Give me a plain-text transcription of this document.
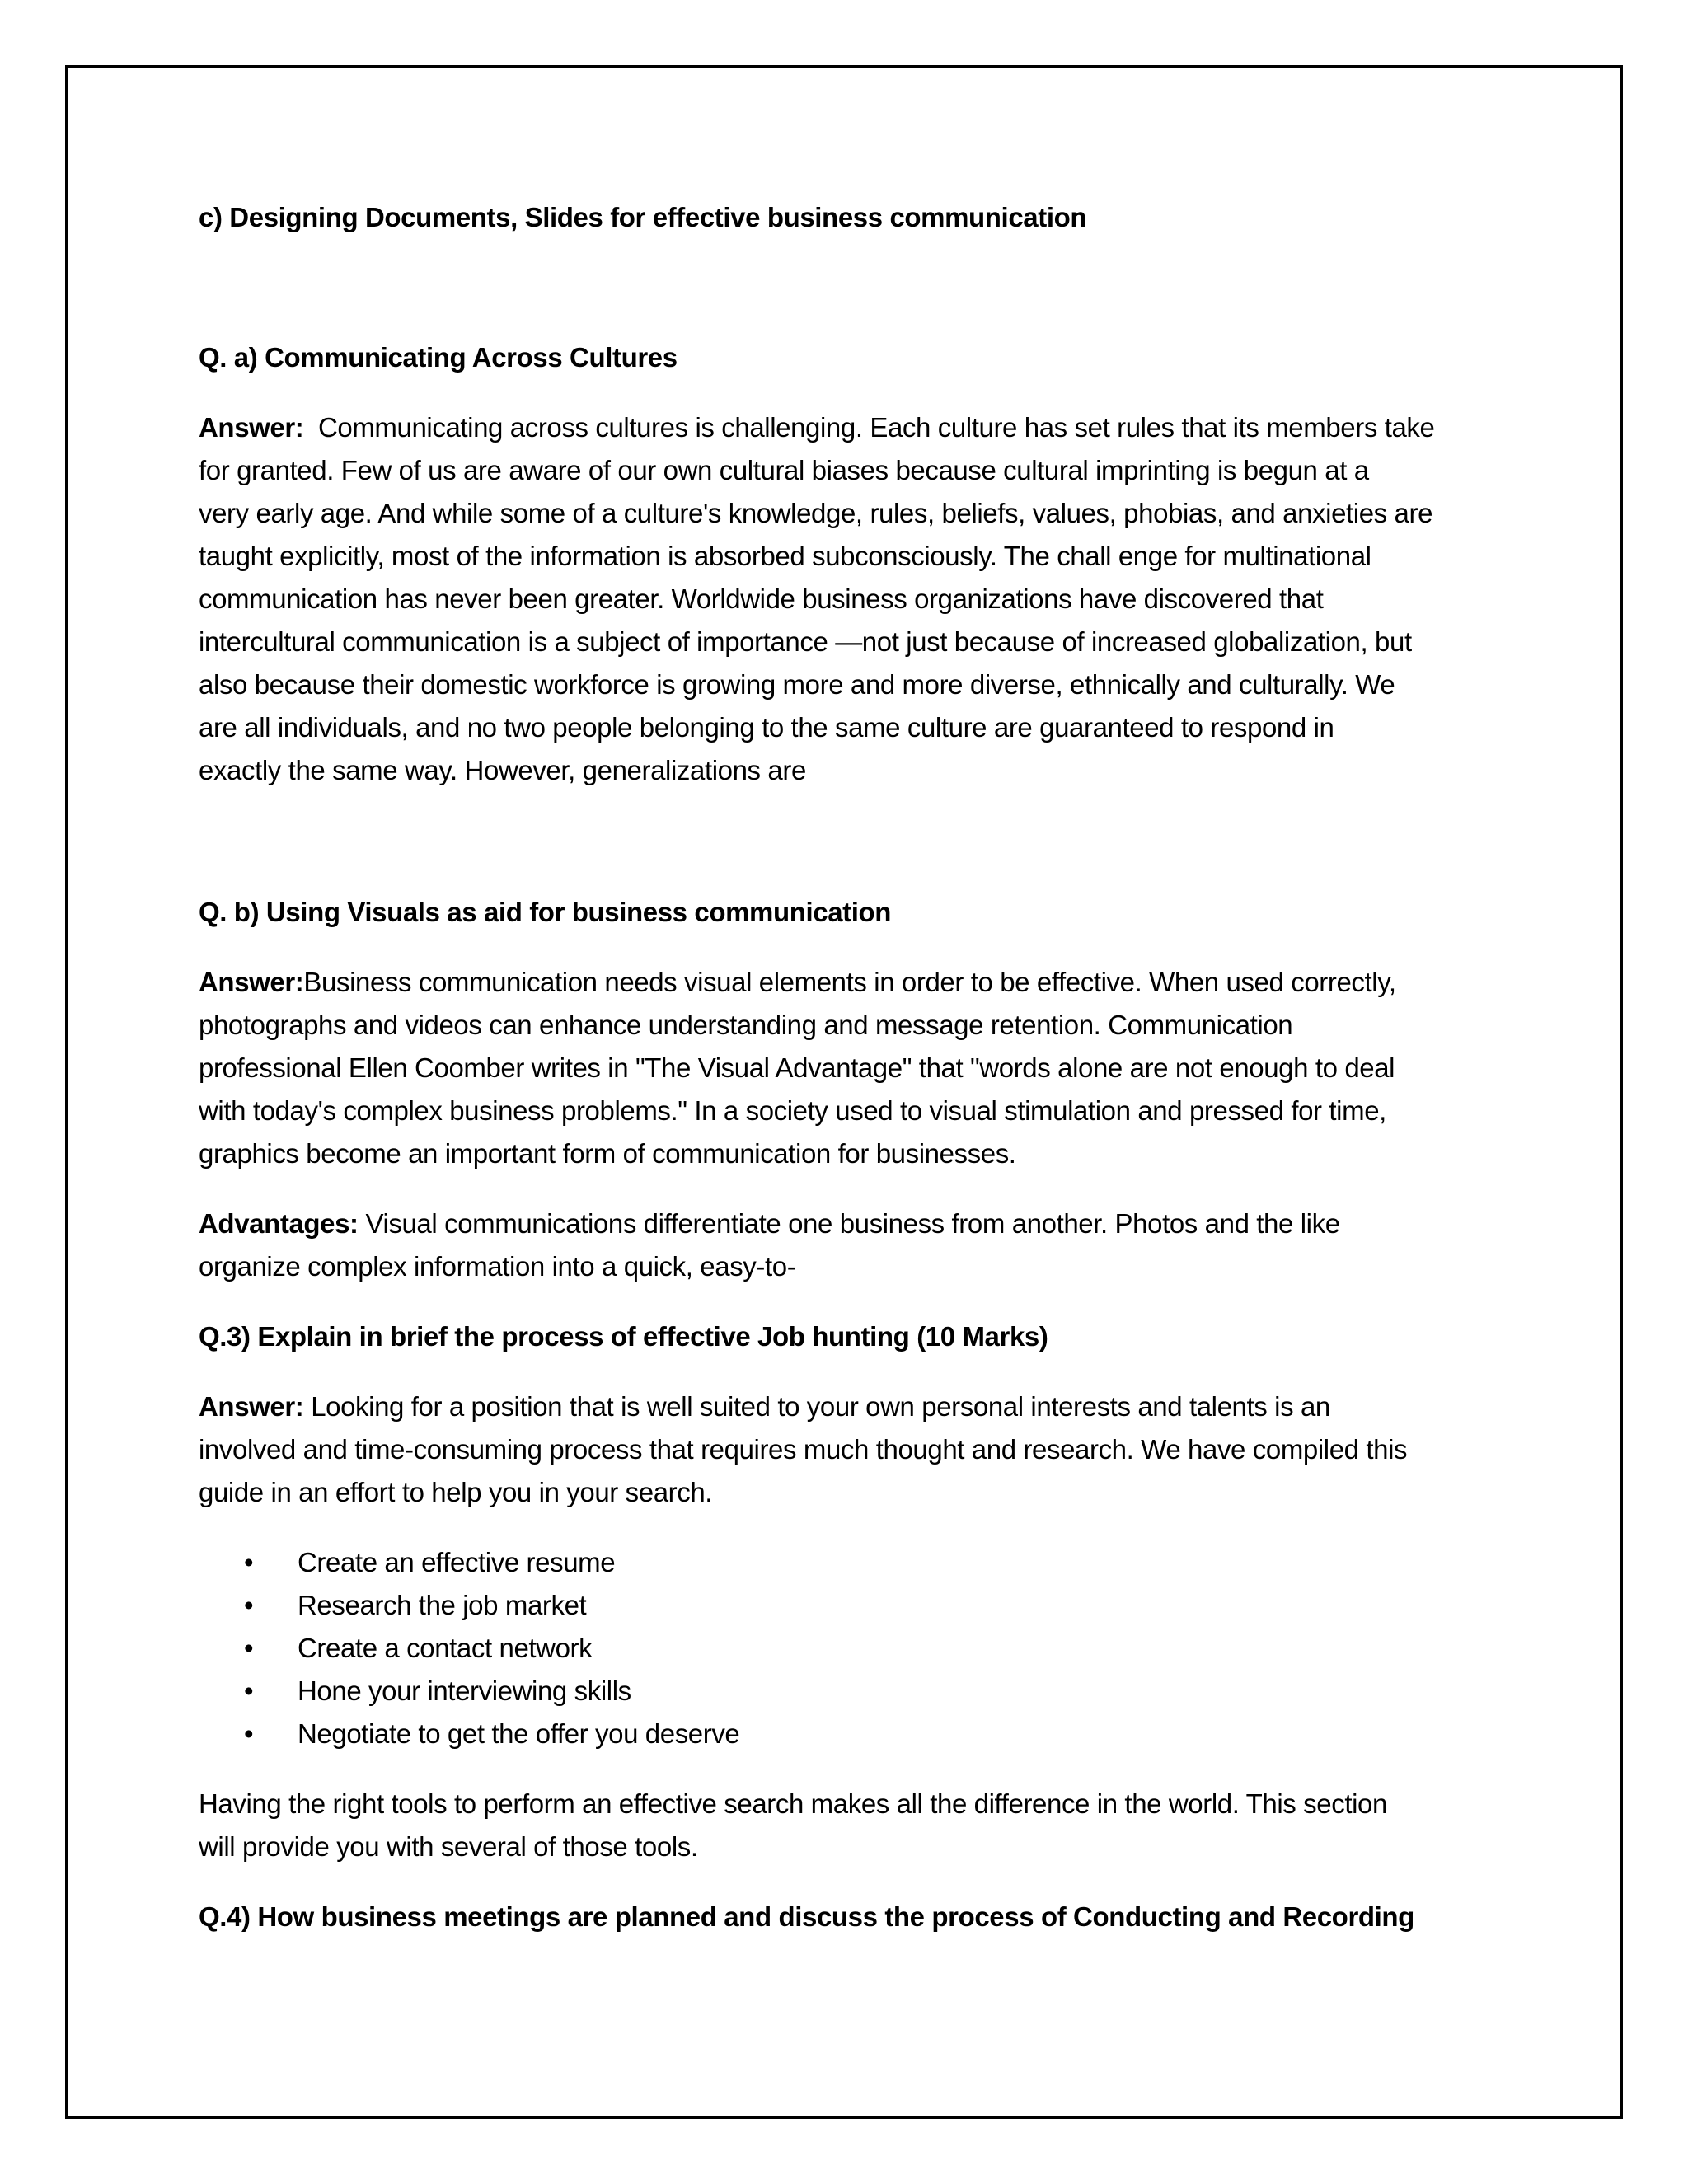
c) Designing Documents, Slides for effective business communication

Q. a) Communicating Across Cultures

Answer: Communicating across cultures is challenging. Each culture has set rules that its members take
for granted. Few of us are aware of our own cultural biases because cultural imprinting is begun at a
very early age. And while some of a culture's knowledge, rules, beliefs, values, phobias, and anxieties are
taught explicitly, most of the information is absorbed subconsciously. The chall enge for multinational
communication has never been greater. Worldwide business organizations have discovered that
intercultural communication is a subject of importance —not just because of increased globalization, but
also because their domestic workforce is growing more and more diverse, ethnically and culturally. We
are all individuals, and no two people belonging to the same culture are guaranteed to respond in
exactly the same way. However, generalizations are

Q. b) Using Visuals as aid for business communication

Answer:Business communication needs visual elements in order to be effective. When used correctly,
photographs and videos can enhance understanding and message retention. Communication
professional Ellen Coomber writes in "The Visual Advantage" that "words alone are not enough to deal
with today's complex business problems." In a society used to visual stimulation and pressed for time,
graphics become an important form of communication for businesses.
Advantages: Visual communications differentiate one business from another. Photos and the like
organize complex information into a quick, easy-to-

Q.3) Explain in brief the process of effective Job hunting (10 Marks)

Answer: Looking for a position that is well suited to your own personal interests and talents is an
involved and time-consuming process that requires much thought and research. We have compiled this
guide in an effort to help you in your search.
• Create an effective resume
• Research the job market
• Create a contact network
• Hone your interviewing skills
• Negotiate to get the offer you deserve
Having the right tools to perform an effective search makes all the difference in the world. This section
will provide you with several of those tools.

Q.4) How business meetings are planned and discuss the process of Conducting and Recording
